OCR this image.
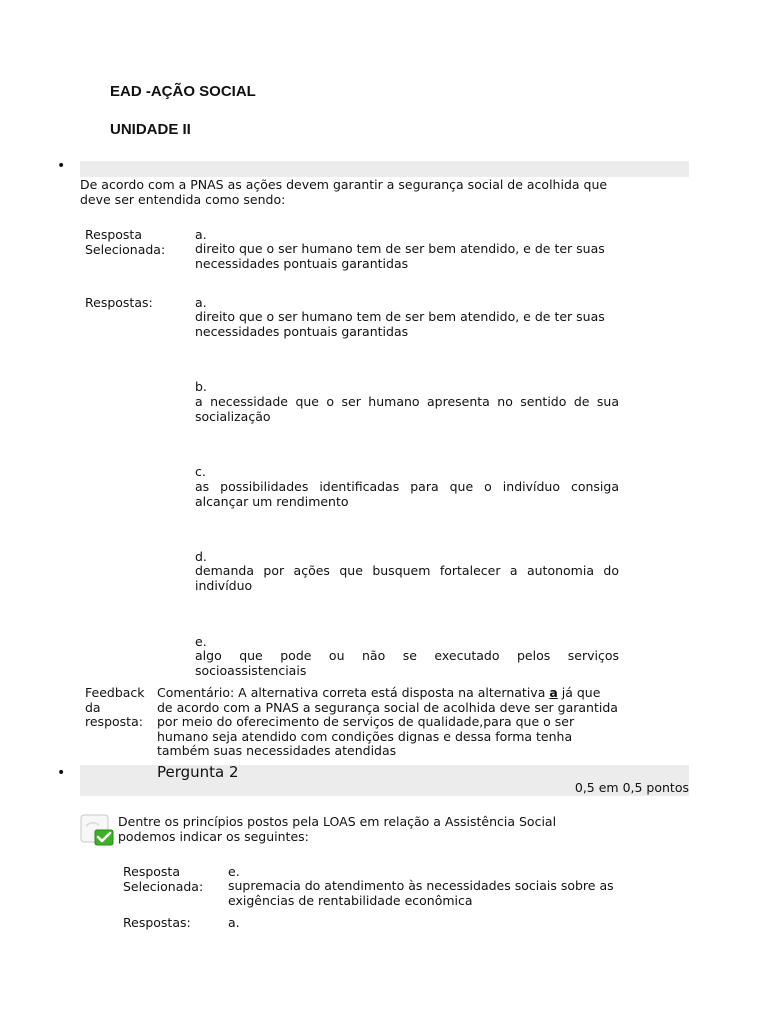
EAD -AÇÃO SOCIAL
UNIDADE II
•
De acordo com a PNAS as ações devem garantir a segurança social de acolhida que deve ser entendida como sendo:
Resposta Selecionada:
a.
direito que o ser humano tem de ser bem atendido, e de ter suas necessidades pontuais garantidas
Respostas:	a.
direito que o ser humano tem de ser bem atendido, e de ter suas necessidades pontuais garantidas
b.
a necessidade que o ser humano apresenta no sentido de sua socialização
c.
as possibilidades identificadas para que o indivíduo consiga alcançar um rendimento
d.
demanda por ações que busquem fortalecer a autonomia do indivíduo
e.
algo que pode ou não se executado pelos serviços socioassistenciais
Feedback da resposta:
Comentário: A alternativa correta está disposta na alternativa a já que de acordo com a PNAS a segurança social de acolhida deve ser garantida por meio do oferecimento de serviços de qualidade,para que o ser humano seja atendido com condições dignas e dessa forma tenha também suas necessidades atendidas
•	Pergunta 2
0,5 em 0,5 pontos
Dentre os princípios postos pela LOAS em relação a Assistência Social podemos indicar os seguintes:
Resposta Selecionada:
e.
supremacia do atendimento às necessidades sociais sobre as exigências de rentabilidade econômica
Respostas:	a.
